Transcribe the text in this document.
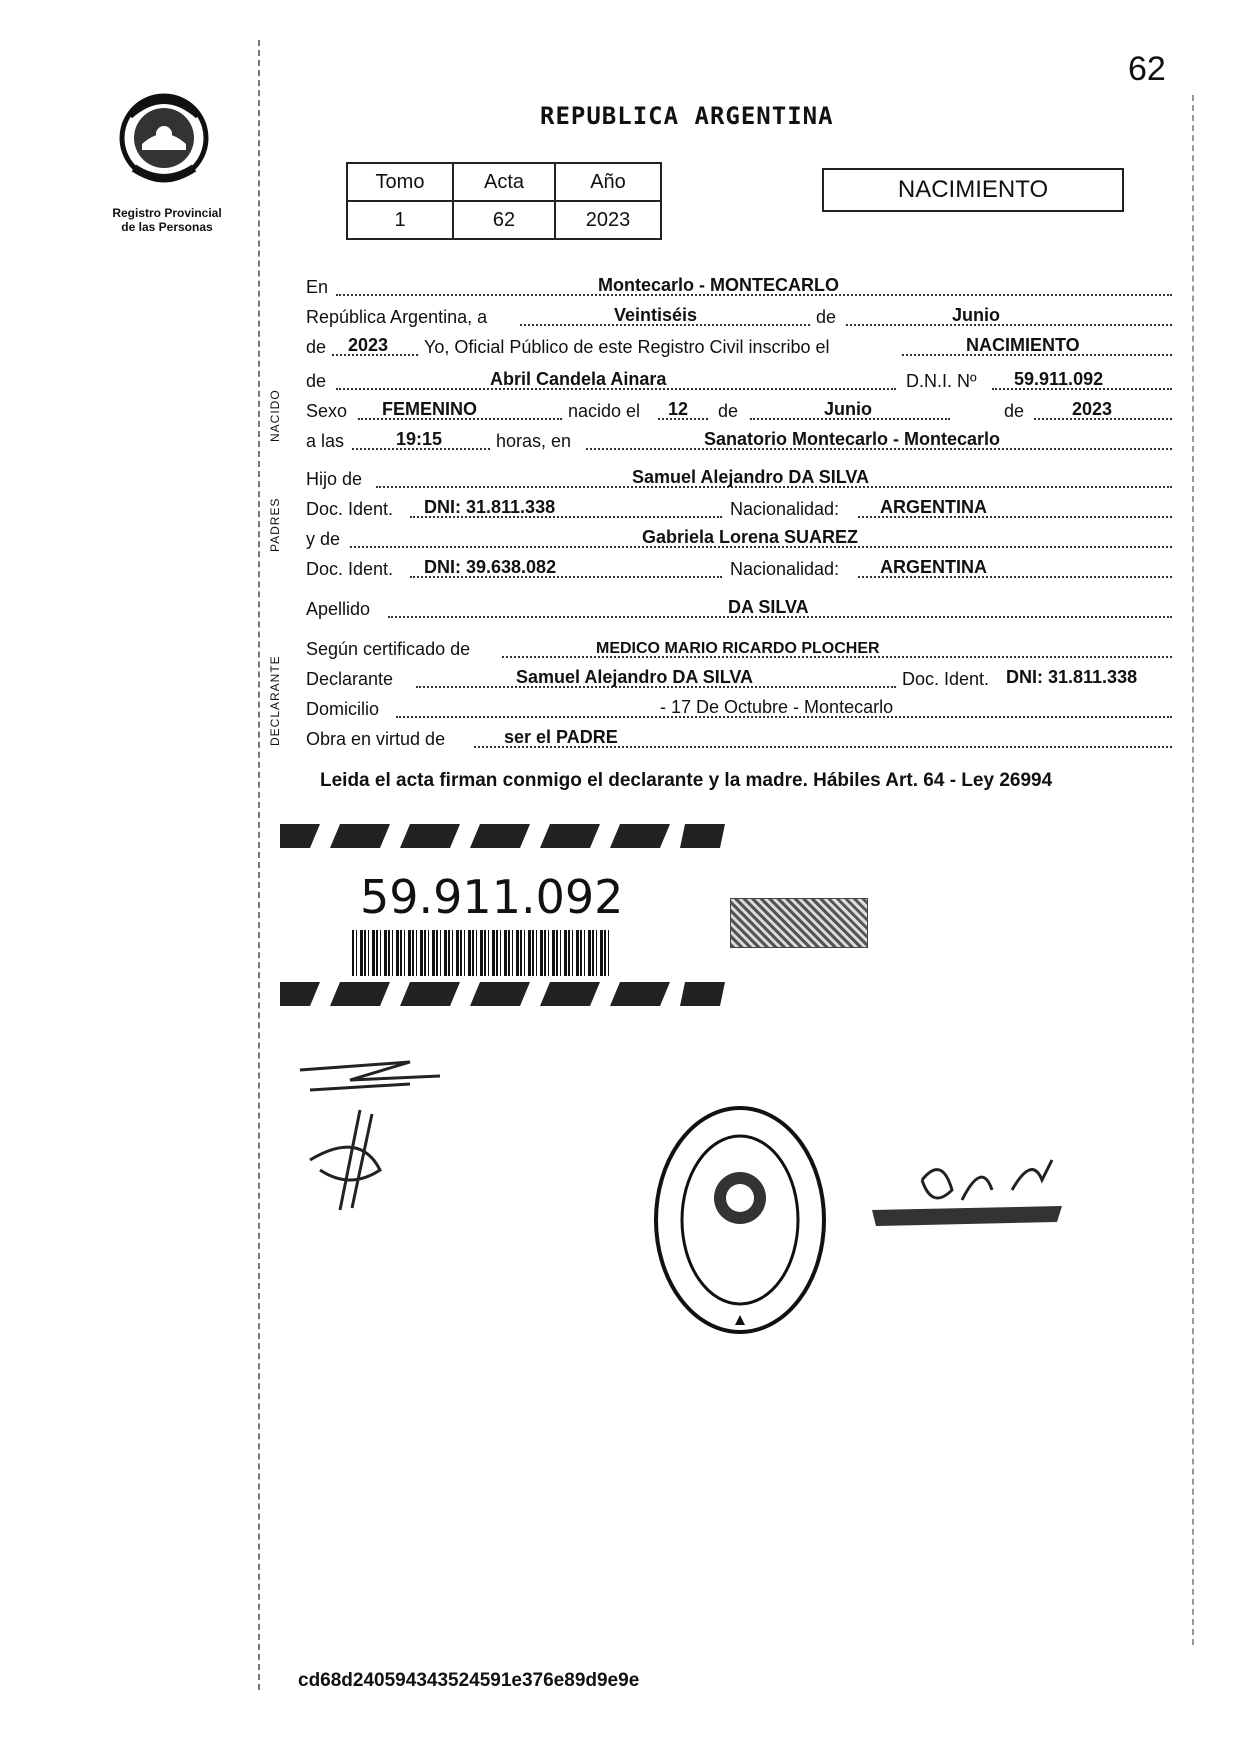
62
Registro Provincial
de las Personas
REPUBLICA ARGENTINA
Tomo	Acta	Año
1	62	2023
NACIMIENTO
NACIDO
PADRES
DECLARANTE
En	Montecarlo - MONTECARLO
República Argentina, a	Veintiséis	de	Junio
de 2023 Yo, Oficial Público de este Registro Civil inscribo el	NACIMIENTO
de	Abril Candela Ainara	D.N.I. Nº 59.911.092
Sexo FEMENINO	nacido el 12 de	Junio	de	2023
a las	19:15	horas, en	Sanatorio Montecarlo - Montecarlo
Hijo de	Samuel Alejandro DA SILVA
Doc. Ident. DNI: 31.811.338	Nacionalidad: ARGENTINA
y de	Gabriela Lorena SUAREZ
Doc. Ident. DNI: 39.638.082	Nacionalidad: ARGENTINA
Apellido	DA SILVA
Según certificado de	MEDICO MARIO RICARDO PLOCHER
Declarante	Samuel Alejandro DA SILVA	Doc. Ident. DNI: 31.811.338
Domicilio	- 17 De Octubre - Montecarlo
Obra en virtud de	ser el PADRE
Leida el acta firman conmigo el declarante y la madre. Hábiles Art. 64 - Ley 26994
59.911.092
cd68d240594343524591e376e89d9e9e
